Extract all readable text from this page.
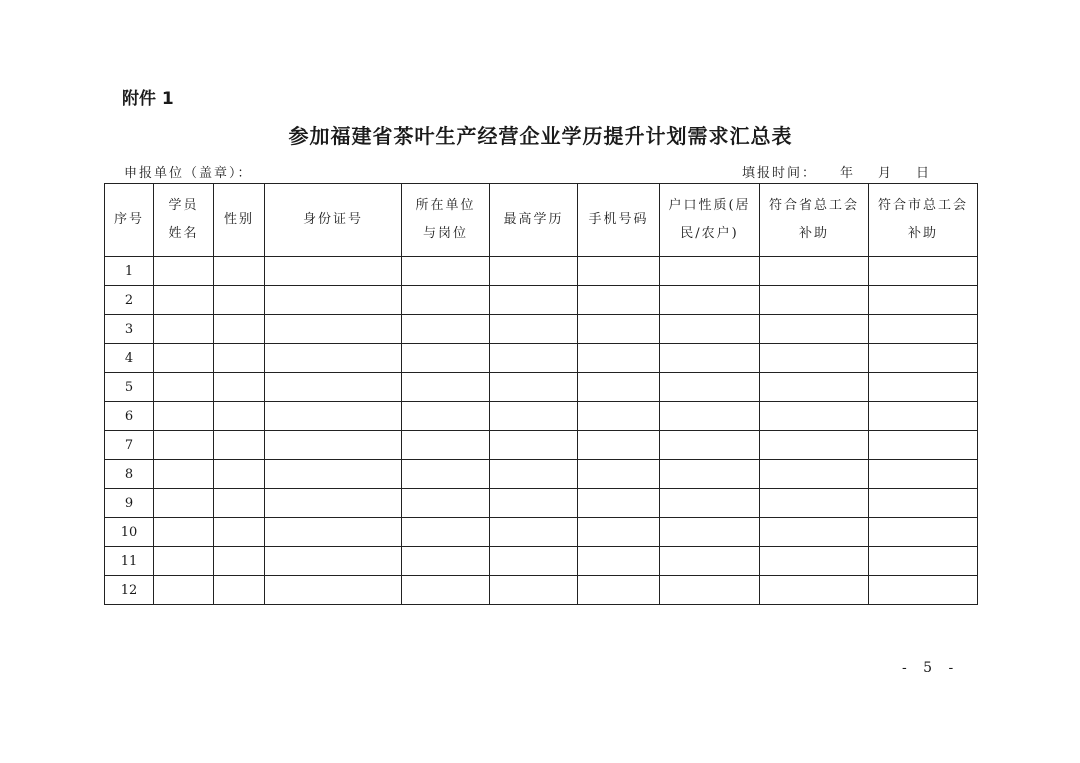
附件 1
参加福建省茶叶生产经营企业学历提升计划需求汇总表
申报单位（盖章）：	填报时间： 年 月 日
序号	学员姓名	性别	身份证号	所在单位与岗位	最高学历	手机号码	户口性质(居民/农户)	符合省总工会补助	符合市总工会补助
1									
2									
3									
4									
5									
6									
7									
8									
9									
10									
11									
12									
- 5 -
